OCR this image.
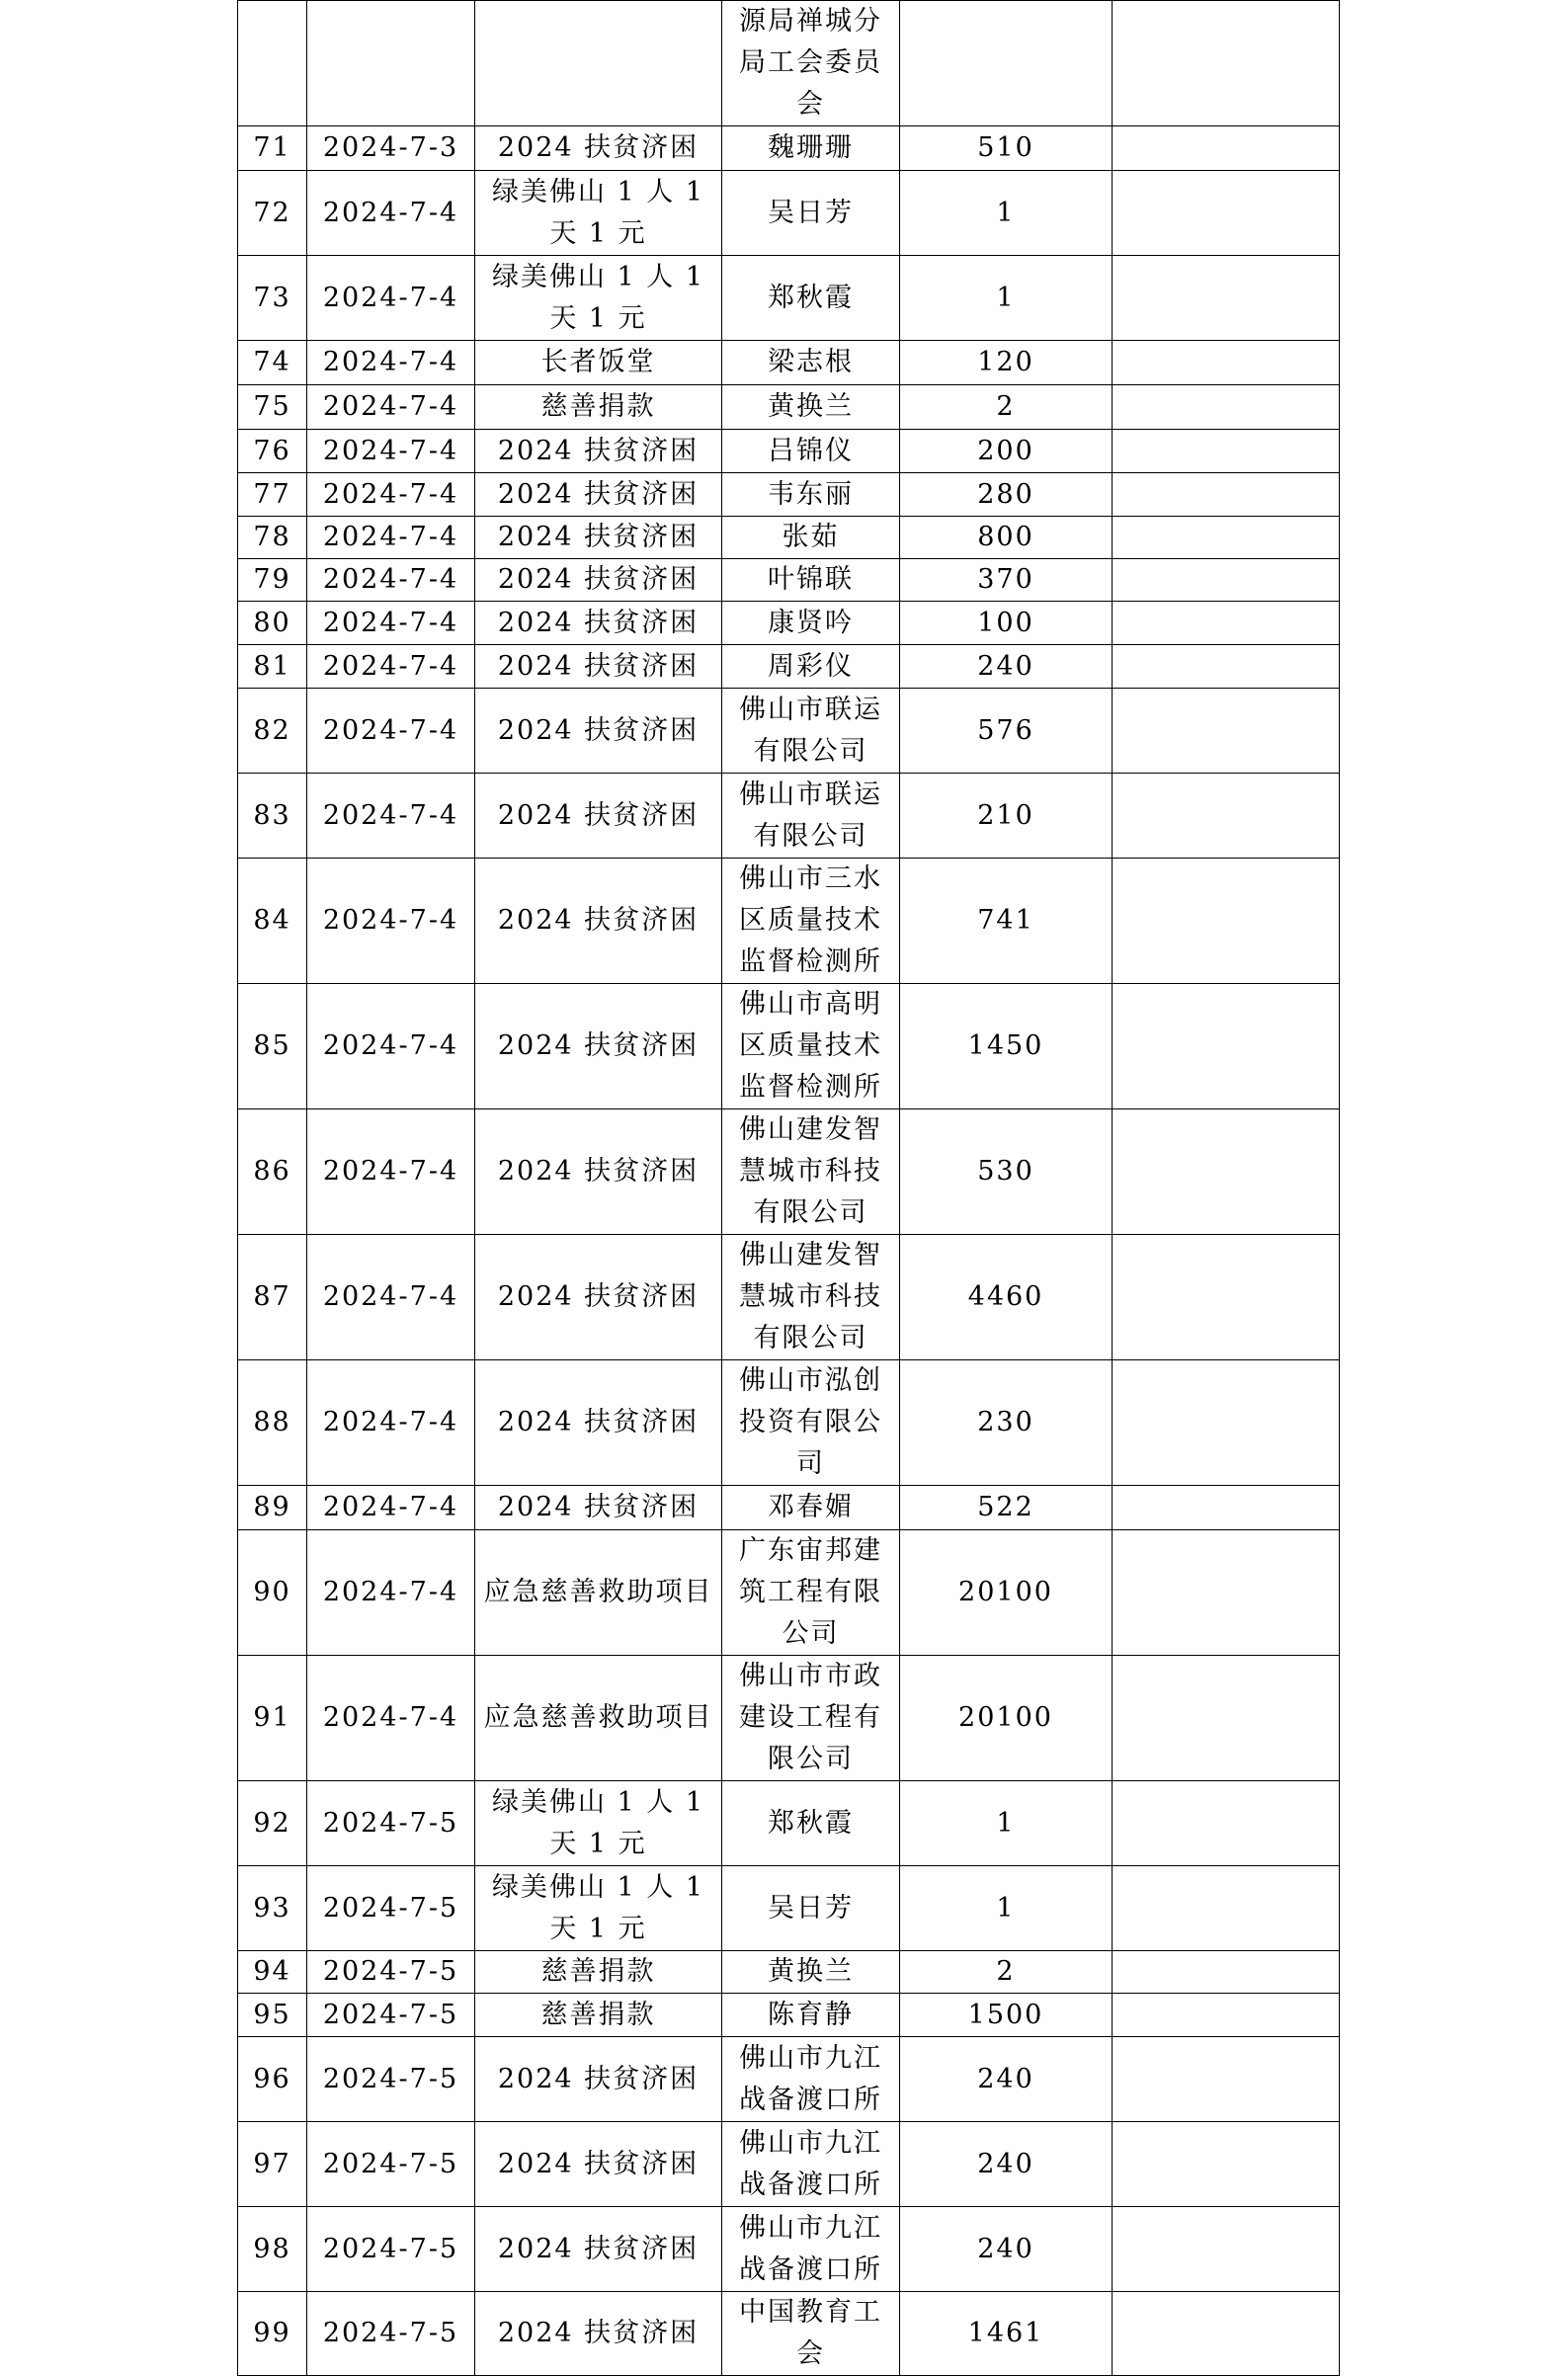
			源局禅城分局工会委员会		
71	2024-7-3	2024 扶贫济困	魏珊珊	510	
72	2024-7-4	绿美佛山 1 人 1 天 1 元	吴日芳	1	
73	2024-7-4	绿美佛山 1 人 1 天 1 元	郑秋霞	1	
74	2024-7-4	长者饭堂	梁志根	120	
75	2024-7-4	慈善捐款	黄换兰	2	
76	2024-7-4	2024 扶贫济困	吕锦仪	200	
77	2024-7-4	2024 扶贫济困	韦东丽	280	
78	2024-7-4	2024 扶贫济困	张茹	800	
79	2024-7-4	2024 扶贫济困	叶锦联	370	
80	2024-7-4	2024 扶贫济困	康贤吟	100	
81	2024-7-4	2024 扶贫济困	周彩仪	240	
82	2024-7-4	2024 扶贫济困	佛山市联运有限公司	576	
83	2024-7-4	2024 扶贫济困	佛山市联运有限公司	210	
84	2024-7-4	2024 扶贫济困	佛山市三水区质量技术监督检测所	741	
85	2024-7-4	2024 扶贫济困	佛山市高明区质量技术监督检测所	1450	
86	2024-7-4	2024 扶贫济困	佛山建发智慧城市科技有限公司	530	
87	2024-7-4	2024 扶贫济困	佛山建发智慧城市科技有限公司	4460	
88	2024-7-4	2024 扶贫济困	佛山市泓创投资有限公司	230	
89	2024-7-4	2024 扶贫济困	邓春媚	522	
90	2024-7-4	应急慈善救助项目	广东宙邦建筑工程有限公司	20100	
91	2024-7-4	应急慈善救助项目	佛山市市政建设工程有限公司	20100	
92	2024-7-5	绿美佛山 1 人 1 天 1 元	郑秋霞	1	
93	2024-7-5	绿美佛山 1 人 1 天 1 元	吴日芳	1	
94	2024-7-5	慈善捐款	黄换兰	2	
95	2024-7-5	慈善捐款	陈育静	1500	
96	2024-7-5	2024 扶贫济困	佛山市九江战备渡口所	240	
97	2024-7-5	2024 扶贫济困	佛山市九江战备渡口所	240	
98	2024-7-5	2024 扶贫济困	佛山市九江战备渡口所	240	
99	2024-7-5	2024 扶贫济困	中国教育工会	1461	
